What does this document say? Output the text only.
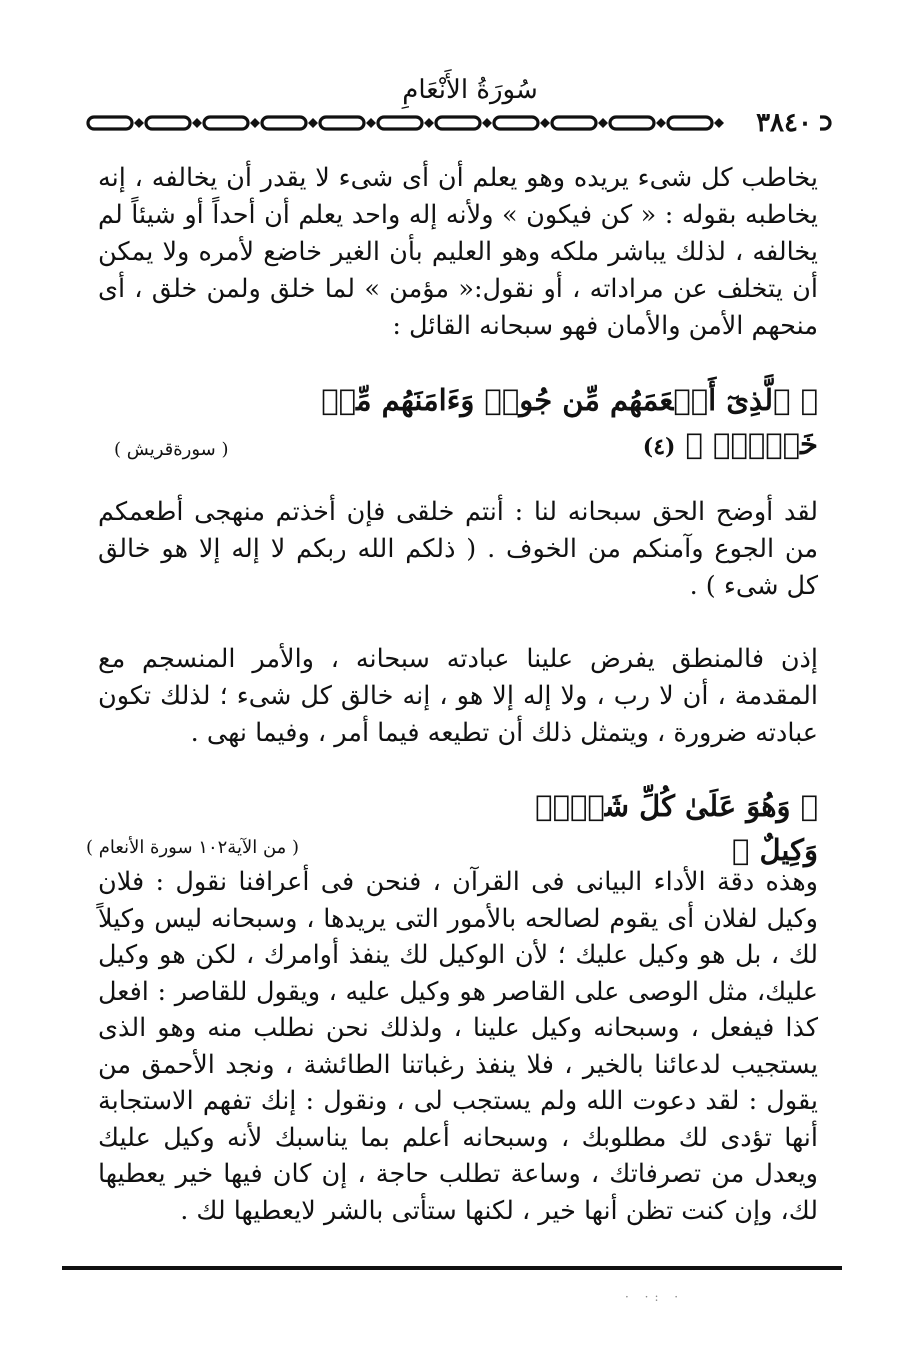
سُورَةُ الأَنْعَامِ
٣٨٤٠

يخاطب كل شىء يريده وهو يعلم أن أى شىء لا يقدر أن يخالفه ، إنه يخاطبه بقوله : « كن فيكون » ولأنه إله واحد يعلم أن أحداً أو شيئاً لم يخالفه ، لذلك يباشر ملكه وهو العليم بأن الغير خاضع لأمره ولا يمكن أن يتخلف عن مراداته ، أو نقول:« مؤمن » لما خلق ولمن خلق ، أى منحهم الأمن والأمان فهو سبحانه القائل :

﴿ ٱلَّذِىٓ أَطۡعَمَهُم مِّن جُوعٖ وَءَامَنَهُم مِّنۡ خَوۡفِۭ ﴾ (٤)
( سورةقريش )

لقد أوضح الحق سبحانه لنا : أنتم خلقى فإن أخذتم منهجى أطعمكم من الجوع وآمنكم من الخوف . ( ذلكم الله ربكم لا إله إلا هو خالق كل شىء ) .

إذن فالمنطق يفرض علينا عبادته سبحانه ، والأمر المنسجم مع المقدمة ، أن لا رب ، ولا إله إلا هو ، إنه خالق كل شىء ؛ لذلك تكون عبادته ضرورة ، ويتمثل ذلك أن تطيعه فيما أمر ، وفيما نهى .

﴿ وَهُوَ عَلَىٰ كُلِّ شَىۡءٖ وَكِيلٌ ﴾
( من الآية١٠٢ سورة الأنعام )

وهذه دقة الأداء البيانى فى القرآن ، فنحن فى أعرافنا نقول : فلان وكيل لفلان أى يقوم لصالحه بالأمور التى يريدها ، وسبحانه ليس وكيلاً لك ، بل هو وكيل عليك ؛ لأن الوكيل لك ينفذ أوامرك ، لكن هو وكيل عليك، مثل الوصى على القاصر هو وكيل عليه ، ويقول للقاصر : افعل كذا فيفعل ، وسبحانه وكيل علينا ، ولذلك نحن نطلب منه وهو الذى يستجيب لدعائنا بالخير ، فلا ينفذ رغباتنا الطائشة ، ونجد الأحمق من يقول : لقد دعوت الله ولم يستجب لى ، ونقول : إنك تفهم الاستجابة أنها تؤدى لك مطلوبك ، وسبحانه أعلم بما يناسبك لأنه وكيل عليك ويعدل من تصرفاتك ، وساعة تطلب حاجة ، إن كان فيها خير يعطيها لك، وإن كنت تظن أنها خير ، لكنها ستأتى بالشر لايعطيها لك .

· ·: ·
